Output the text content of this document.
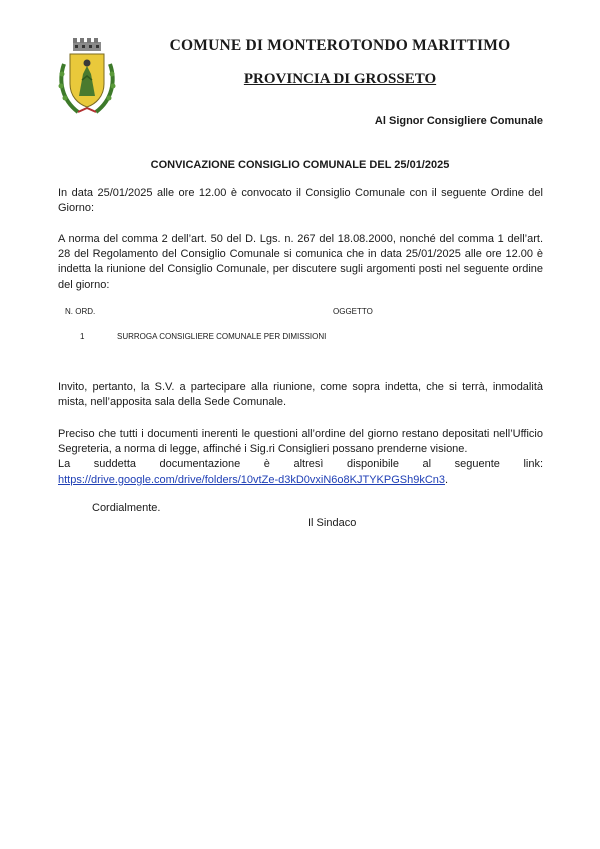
COMUNE DI MONTEROTONDO MARITTIMO
PROVINCIA DI GROSSETO
Al Signor Consigliere Comunale
CONVICAZIONE CONSIGLIO COMUNALE DEL 25/01/2025

In data 25/01/2025 alle ore 12.00 è convocato il Consiglio Comunale con il seguente Ordine del Giorno:

A norma del comma 2 dell’art. 50 del D. Lgs. n. 267 del 18.08.2000, nonché del comma 1 dell’art. 28 del Regolamento del Consiglio Comunale si comunica che in data 25/01/2025 alle ore 12.00 è indetta la riunione del Consiglio Comunale, per discutere sugli argomenti posti nel seguente ordine del giorno:

N. ORD.	OGGETTO
1	SURROGA CONSIGLIERE COMUNALE PER DIMISSIONI

Invito, pertanto, la S.V. a partecipare alla riunione, come sopra indetta, che si terrà, inmodalità mista, nell’apposita sala della Sede Comunale.

Preciso che tutti i documenti inerenti le questioni all’ordine del giorno restano depositati nell’Ufficio Segreteria, a norma di legge, affinché i Sig.ri Consiglieri possano prenderne visione.
La suddetta documentazione è altresì disponibile al seguente link:
https://drive.google.com/drive/folders/10vtZe-d3kD0vxiN6o8KJTYKPGSh9kCn3.
Cordialmente.
Il Sindaco
